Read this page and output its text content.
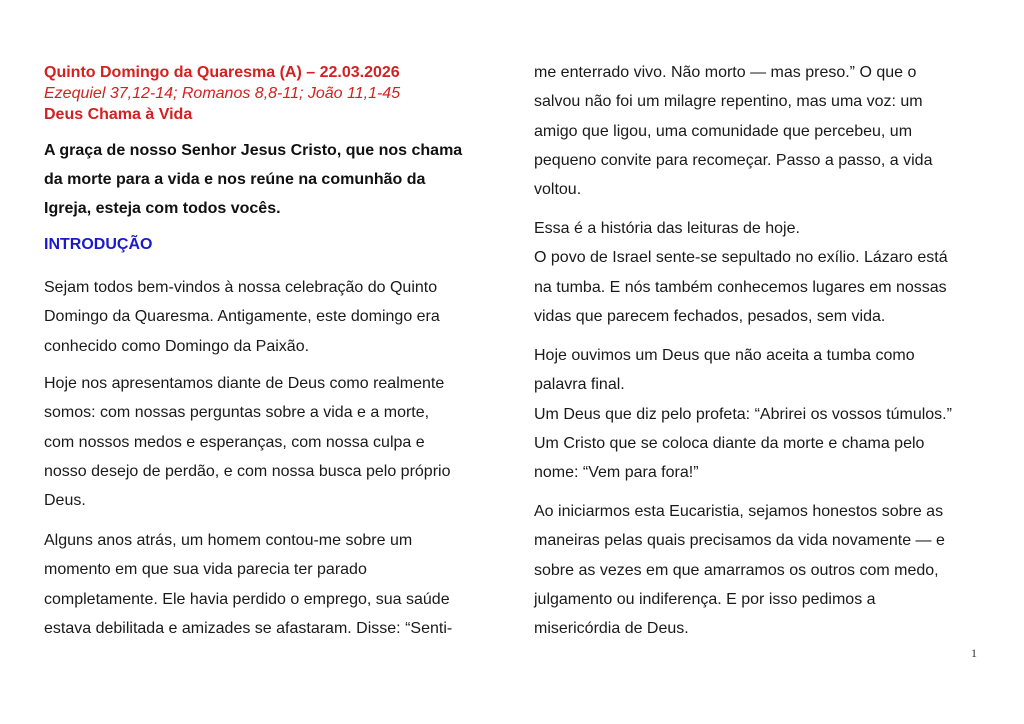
Quinto Domingo da Quaresma (A) – 22.03.2026
Ezequiel 37,12-14; Romanos 8,8-11; João 11,1-45
Deus Chama à Vida
A graça de nosso Senhor Jesus Cristo, que nos chama
da morte para a vida e nos reúne na comunhão da
Igreja, esteja com todos vocês.
INTRODUÇÃO
Sejam todos bem-vindos à nossa celebração do Quinto
Domingo da Quaresma. Antigamente, este domingo era
conhecido como Domingo da Paixão.
Hoje nos apresentamos diante de Deus como realmente
somos: com nossas perguntas sobre a vida e a morte,
com nossos medos e esperanças, com nossa culpa e
nosso desejo de perdão, e com nossa busca pelo próprio
Deus.
Alguns anos atrás, um homem contou-me sobre um
momento em que sua vida parecia ter parado
completamente. Ele havia perdido o emprego, sua saúde
estava debilitada e amizades se afastaram. Disse: “Senti-
me enterrado vivo. Não morto — mas preso.” O que o
salvou não foi um milagre repentino, mas uma voz: um
amigo que ligou, uma comunidade que percebeu, um
pequeno convite para recomeçar. Passo a passo, a vida
voltou.
Essa é a história das leituras de hoje.
O povo de Israel sente-se sepultado no exílio. Lázaro está
na tumba. E nós também conhecemos lugares em nossas
vidas que parecem fechados, pesados, sem vida.
Hoje ouvimos um Deus que não aceita a tumba como
palavra final.
Um Deus que diz pelo profeta: “Abrirei os vossos túmulos.”
Um Cristo que se coloca diante da morte e chama pelo
nome: “Vem para fora!”
Ao iniciarmos esta Eucaristia, sejamos honestos sobre as
maneiras pelas quais precisamos da vida novamente — e
sobre as vezes em que amarramos os outros com medo,
julgamento ou indiferença. E por isso pedimos a
misericórdia de Deus.
1
